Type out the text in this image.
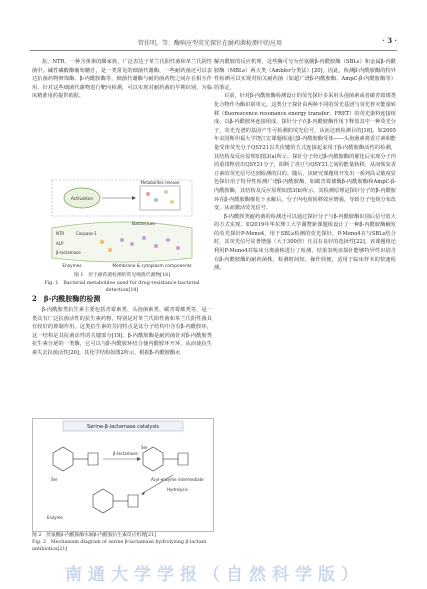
管佳明，等：酶响应型荧光探针在耐药菌检测中的应用	· 3 ·

抗，NTR、一种含黄素的酶家族，广泛表达于革兰氏阳性菌和革兰氏阴性菌中，碱性磷酸酶葡萄糖苷，是一类常见的细菌代谢酶，一些耐药菌还可以表达抗菌药物修饰酶、β-内酰胺酶等。细菌代谢酶与耐药菌药物之间存在相互作用，针对这些细菌代谢物进行靶向检测，可以实现对耐药菌的早期识别，为临床精准用药提供依据。

Activation
Metabolites release
Bacterium
NTR	Caspase-1
ALP
β-lactamase
Enzymes	Membrane & cytoplasm components
图 1　用于耐药菌检测的常见细菌代谢物[18]
Fig. 1　Bacterial metabolites used for drug-resistance bacterial detection[18]
2　β-内酰胺酶的检测

β-内酰胺类抗生素主要包括青霉素类、头孢菌素类、碳青霉烯类等，是一类具有广泛抗菌活性的抗生素药物，特别是对革兰氏阳性菌和革兰氏阴性菌具有较好的抑制作用。这类抗生素的共同特点是其分子结构中含有β-内酰胺环，这一结构是其抗菌活性的关键部分[19]。β-内酰胺酶是耐药菌针对β-内酰胺类抗生素分泌的一类酶，它可以与β-内酰胺环结合使内酰胺环开环，从而使抗生素失去抗菌活性[20]。其化学结构如图2所示，根据β-内酰胺酶水

Serine-β-lactamase catalysis
β-lactamase
Acyl-enzyme intermediate
Hydrolysis
Ser
Ser
Enzyme
图 2　丝氨酸β-内酰胺酶水解β-内酰胺抗生素反应机理[21]
Fig. 2　Mechanism diagram of serine β-lactamase hydrolyzing β-lactam antibiotics[21]

解内酰胺的反应机理，这些酶可分为丝氨酸β-内酰胺酶（SBLs）和金属β-内酰胺酶（MBLs）两大类（Ambler分类法）[20]。因此，检测β-内酰胺酶的特异性检测可以实现对相关耐药菌（如超广谱β-内酰胺酶、AmpC-β-内酰胺酶等）的鉴定。

目前，针对β-内酰胺酶检测设计的荧光探针多采用头孢菌素或者碳青霉烯类化合物作为酶识别单元。这类分子探针由两种不同的荧光基团与荧光猝灭能量转移（fluorescence resonance energy transfer，FRET）的荧光染料连接组成，以β-内酰胺环连接组成。探针分子在β-内酰胺酶作用下释放其中一种荧光分子，荧光光谱的基团产生可检测的荧光信号，从而达到检测目的[18]。如2005年美国斯坦福大学饶江宏课题组通过β-内酰胺酶受体——头孢菌素将香豆素和能量受体荧光分子QSY21以共价键的方式连接起来用于β-内酰胺酶活性的检测，其结构及反应原理如图3(a)所示。探针分子经过β-内酰胺酶的催化后实现分子内的重排释放出QSY21分子，阻断了香豆与QSY21之间的能量转移，从而恢复香豆素的荧光信号达到检测的目的。随后，该研究课题组开发出一系列高灵敏度显色探针用于特异性检测广谱β-内酰胺酶，如碳青霉烯酶β-内酰胺酶和AmpC-β-内酰胺酶，其结构及反应原理如图3(b)所示。其检测原理是探针分子的β-内酰胺环在β-内酰胺酶催化下水解后，分子内电荷转移效应增强，导致分子电荷分布改变，从而激活荧光信号。

β-内酰胺类耐药菌的检测还可以通过探针分子与β-内酰胺酶识别后信号放大的方式实现。如2019年华东理工大学谢赞新课题组设计了一种β-内酰胺酶触发的荧光探针P-Meno4，用于SBLs检测的荧光探针，P-Meno4在与SBLs结合时，其荧光信号显著增强（大于300倍）且具有良好的选择性[22]。该课题组还利用P-Meno4对临床分离菌株进行了检测，结果表明该探针能够特异性识别含有β-内酰胺酶的耐药菌株，检测时间短，操作简便，适用于临床样本的快速检测。

南通大学学报（自然科学版）
